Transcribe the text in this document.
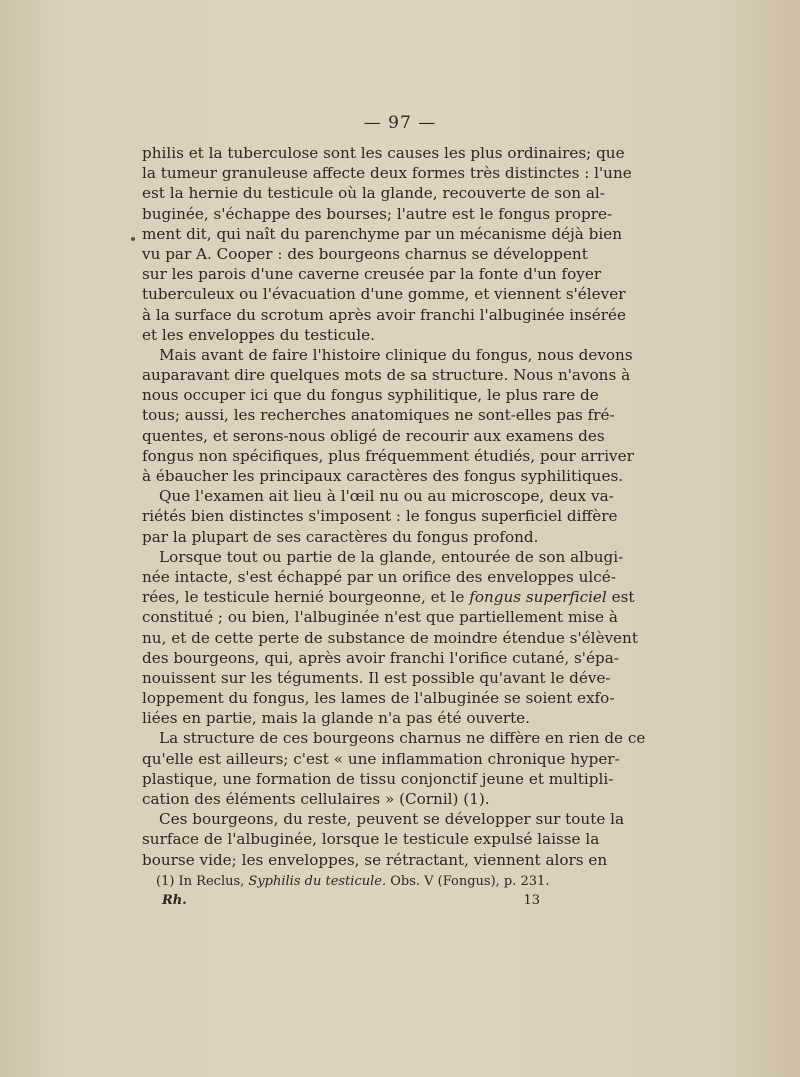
— 97 —
philis et la tuberculose sont les causes les plus ordinaires; que
la tumeur granuleuse affecte deux formes très distinctes : l'une
est la hernie du testicule où la glande, recouverte de son al-
buginée, s'échappe des bourses; l'autre est le fongus propre-
ment dit, qui naît du parenchyme par un mécanisme déjà bien
vu par A. Cooper : des bourgeons charnus se développent
sur les parois d'une caverne creusée par la fonte d'un foyer
tuberculeux ou l'évacuation d'une gomme, et viennent s'élever
à la surface du scrotum après avoir franchi l'albuginée insérée
et les enveloppes du testicule.
Mais avant de faire l'histoire clinique du fongus, nous devons
auparavant dire quelques mots de sa structure. Nous n'avons à
nous occuper ici que du fongus syphilitique, le plus rare de
tous; aussi, les recherches anatomiques ne sont-elles pas fré-
quentes, et serons-nous obligé de recourir aux examens des
fongus non spécifiques, plus fréquemment étudiés, pour arriver
à ébaucher les principaux caractères des fongus syphilitiques.
Que l'examen ait lieu à l'œil nu ou au microscope, deux va-
riétés bien distinctes s'imposent : le fongus superficiel diffère
par la plupart de ses caractères du fongus profond.
Lorsque tout ou partie de la glande, entourée de son albugi-
née intacte, s'est échappé par un orifice des enveloppes ulcé-
rées, le testicule hernié bourgeonne, et le fongus superficiel est
constitué ; ou bien, l'albuginée n'est que partiellement mise à
nu, et de cette perte de substance de moindre étendue s'élèvent
des bourgeons, qui, après avoir franchi l'orifice cutané, s'épa-
nouissent sur les téguments. Il est possible qu'avant le déve-
loppement du fongus, les lames de l'albuginée se soient exfo-
liées en partie, mais la glande n'a pas été ouverte.
La structure de ces bourgeons charnus ne diffère en rien de ce
qu'elle est ailleurs; c'est « une inflammation chronique hyper-
plastique, une formation de tissu conjonctif jeune et multipli-
cation des éléments cellulaires » (Cornil) (1).
Ces bourgeons, du reste, peuvent se développer sur toute la
surface de l'albuginée, lorsque le testicule expulsé laisse la
bourse vide; les enveloppes, se rétractant, viennent alors en
(1) In Reclus, Syphilis du testicule. Obs. V (Fongus), p. 231.
Rh.	13
